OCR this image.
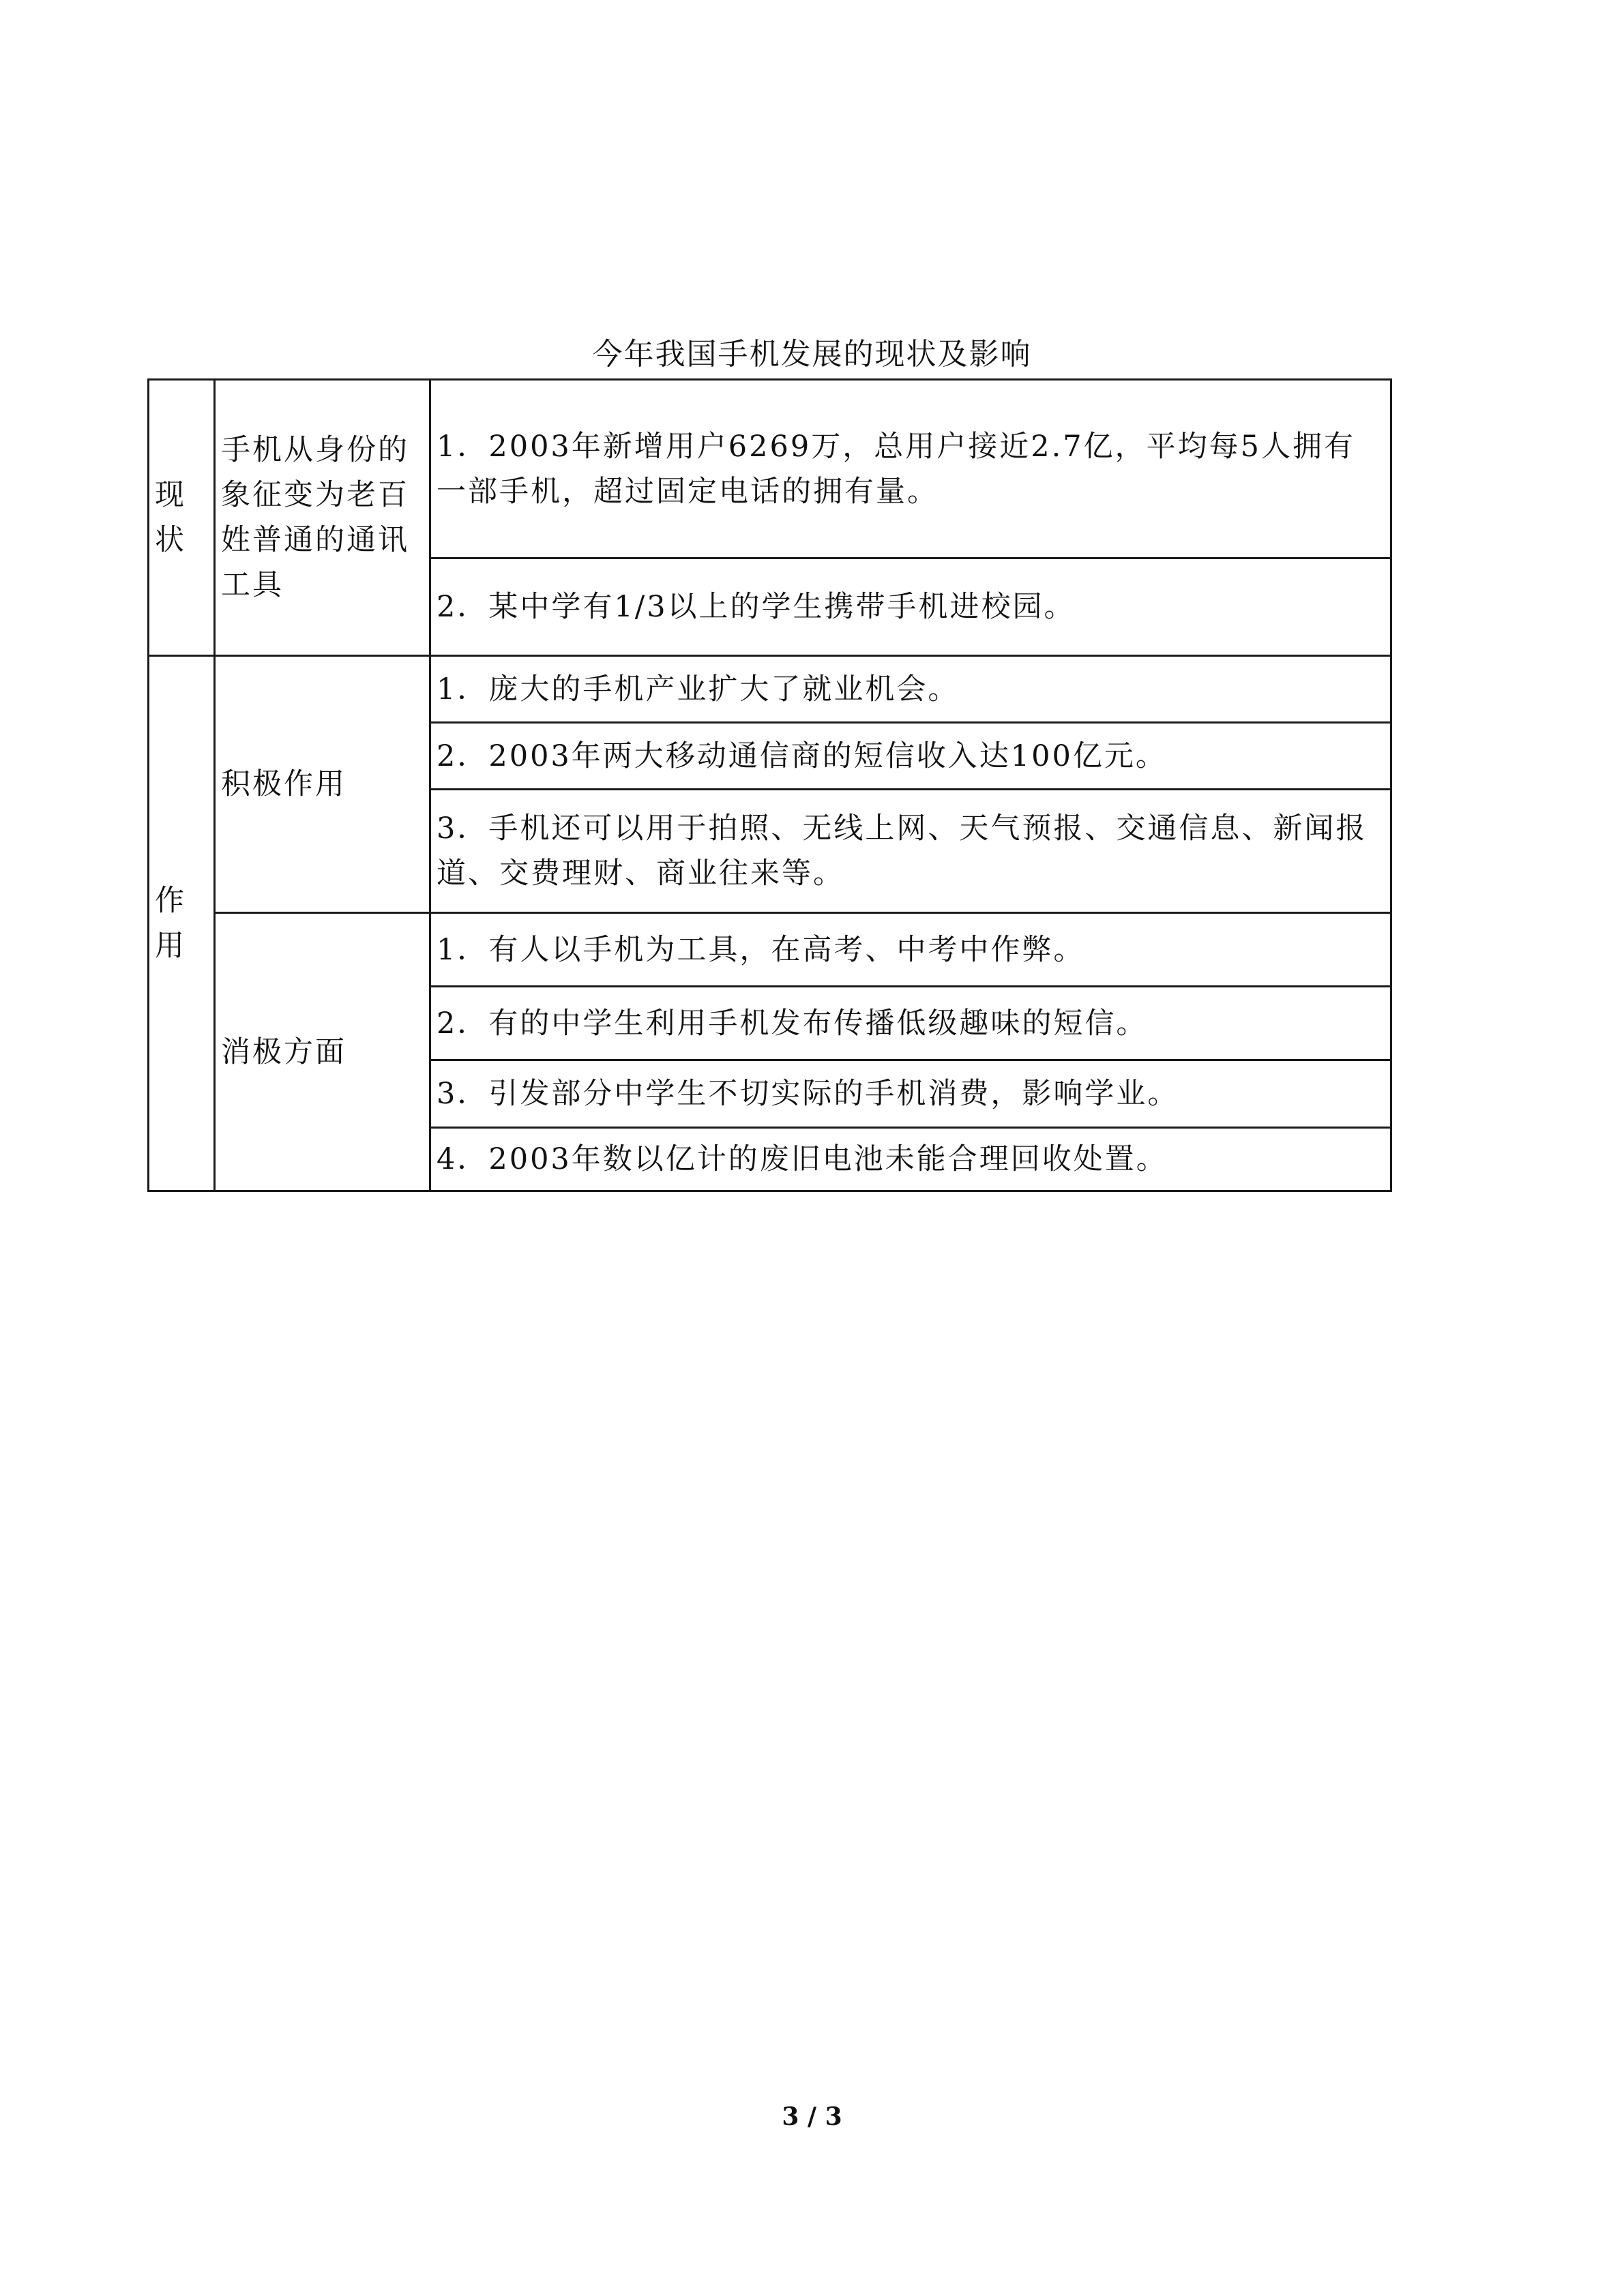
今年我国手机发展的现状及影响
现状	手机从身份的象征变为老百姓普通的通讯工具	1．2003年新增用户6269万，总用户接近2.7亿，平均每5人拥有一部手机，超过固定电话的拥有量。
		2．某中学有1/3以上的学生携带手机进校园。

作用	积极作用	1．庞大的手机产业扩大了就业机会。
		2．2003年两大移动通信商的短信收入达100亿元。
		3．手机还可以用于拍照、无线上网、天气预报、交通信息、新闻报道、交费理财、商业往来等。
	消极方面	1．有人以手机为工具，在高考、中考中作弊。
		2．有的中学生利用手机发布传播低级趣味的短信。
		3．引发部分中学生不切实际的手机消费，影响学业。
		4．2003年数以亿计的废旧电池未能合理回收处置。
3 / 3
